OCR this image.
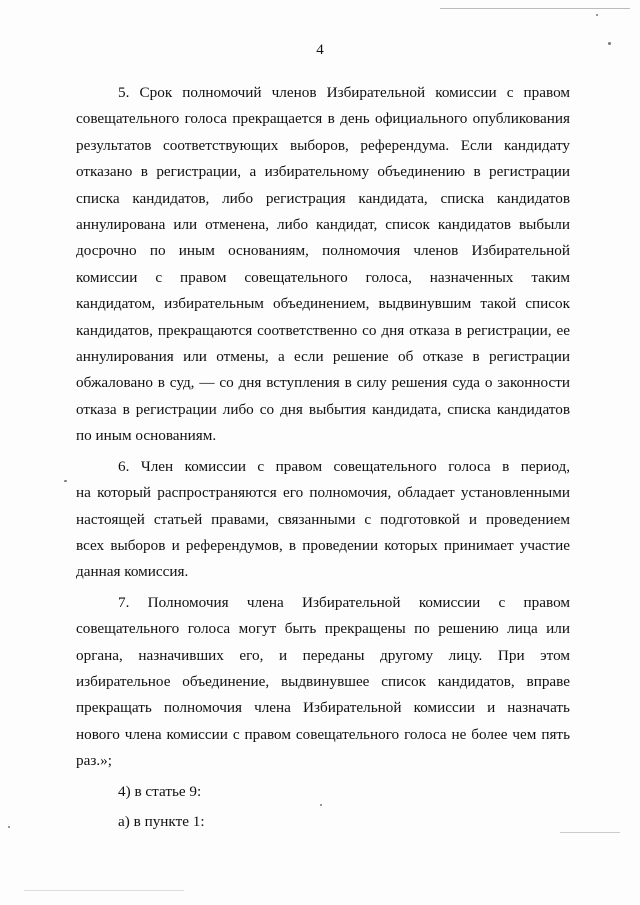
4
5. Срок полномочий членов Избирательной комиссии с правом
совещательного голоса прекращается в день официального опубликования
результатов соответствующих выборов, референдума. Если кандидату
отказано в регистрации, а избирательному объединению в регистрации
списка кандидатов, либо регистрация кандидата, списка кандидатов
аннулирована или отменена, либо кандидат, список кандидатов выбыли
досрочно по иным основаниям, полномочия членов Избирательной
комиссии с правом совещательного голоса, назначенных таким
кандидатом, избирательным объединением, выдвинувшим такой список
кандидатов, прекращаются соответственно со дня отказа в регистрации, ее
аннулирования или отмены, а если решение об отказе в регистрации
обжаловано в суд, — со дня вступления в силу решения суда о законности
отказа в регистрации либо со дня выбытия кандидата, списка кандидатов
по иным основаниям.
6. Член комиссии с правом совещательного голоса в период,
на который распространяются его полномочия, обладает установленными
настоящей статьей правами, связанными с подготовкой и проведением
всех выборов и референдумов, в проведении которых принимает участие
данная комиссия.
7. Полномочия члена Избирательной комиссии с правом
совещательного голоса могут быть прекращены по решению лица или
органа, назначивших его, и переданы другому лицу. При этом
избирательное объединение, выдвинувшее список кандидатов, вправе
прекращать полномочия члена Избирательной комиссии и назначать
нового члена комиссии с правом совещательного голоса не более чем пять
раз.»;
4) в статье 9:
а) в пункте 1:
